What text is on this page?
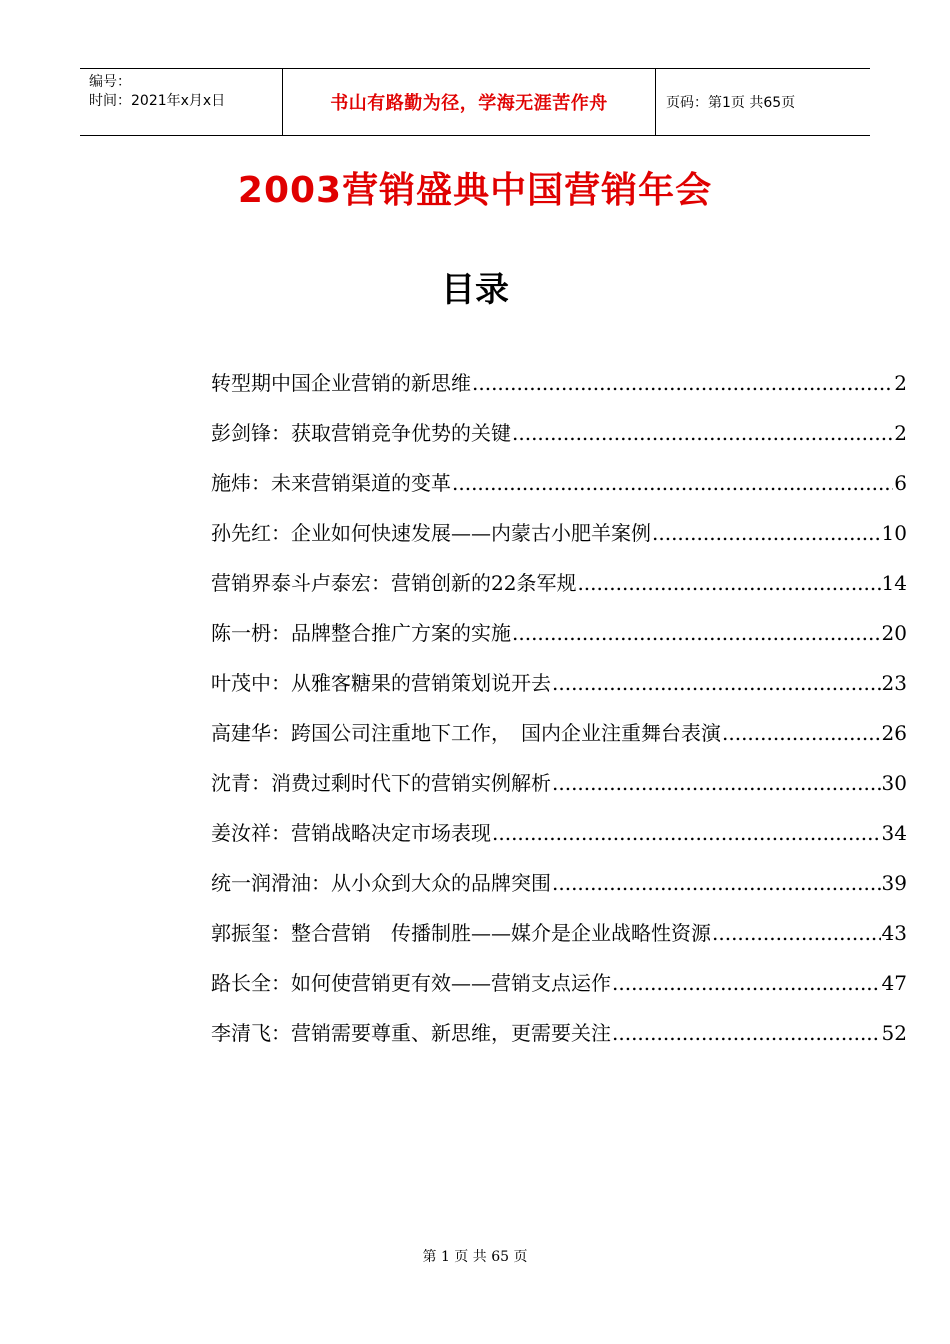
编号：
时间：2021年x月x日	书山有路勤为径，学海无涯苦作舟	页码：第1页 共65页
2003营销盛典中国营销年会
目录
转型期中国企业营销的新思维 .....	2
彭剑锋：获取营销竞争优势的关键 .....	2
施炜：未来营销渠道的变革 .....	6
孙先红：企业如何快速发展——内蒙古小肥羊案例 .....	10
营销界泰斗卢泰宏：营销创新的22条军规 .....	14
陈一枬：品牌整合推广方案的实施 .....	20
叶茂中：从雅客糖果的营销策划说开去 .....	23
高建华：跨国公司注重地下工作，　国内企业注重舞台表演 .....	26
沈青：消费过剩时代下的营销实例解析 .....	30
姜汝祥：营销战略决定市场表现 .....	34
统一润滑油：从小众到大众的品牌突围 .....	39
郭振玺：整合营销　传播制胜——媒介是企业战略性资源 .....	43
路长全：如何使营销更有效——营销支点运作 .....	47
李清飞：营销需要尊重、新思维，更需要关注 .....	52
第 1 页 共 65 页
